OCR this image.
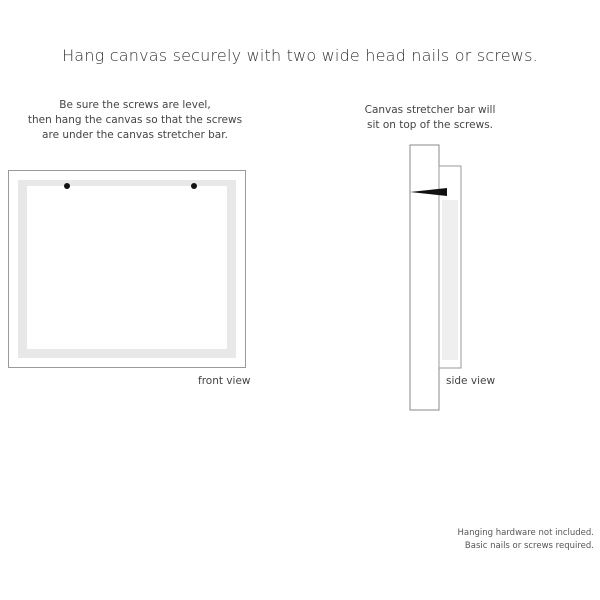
Hang canvas securely with two wide head nails or screws.
Be sure the screws are level,
then hang the canvas so that the screws
are under the canvas stretcher bar.
Canvas stretcher bar will
sit on top of the screws.
front view	side view
Hanging hardware not included.
Basic nails or screws required.
